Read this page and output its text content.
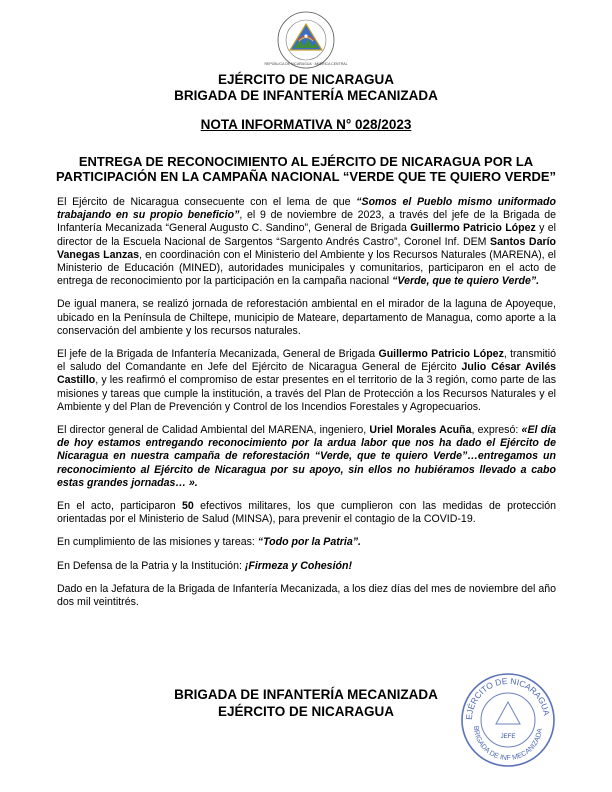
REPÚBLICA DE NICARAGUA · AMÉRICA CENTRAL
EJÉRCITO DE NICARAGUA
BRIGADA DE INFANTERÍA MECANIZADA
NOTA INFORMATIVA N° 028/2023
ENTREGA DE RECONOCIMIENTO AL EJÉRCITO DE NICARAGUA POR LA
PARTICIPACIÓN EN LA CAMPAÑA NACIONAL “VERDE QUE TE QUIERO VERDE”

El Ejército de Nicaragua consecuente con el lema de que “Somos el Pueblo mismo uniformado trabajando en su propio beneficio”, el 9 de noviembre de 2023, a través del jefe de la Brigada de Infantería Mecanizada “General Augusto C. Sandino”, General de Brigada Guillermo Patricio López y el director de la Escuela Nacional de Sargentos “Sargento Andrés Castro”, Coronel Inf. DEM Santos Darío Vanegas Lanzas, en coordinación con el Ministerio del Ambiente y los Recursos Naturales (MARENA), el Ministerio de Educación (MINED), autoridades municipales y comunitarios, participaron en el acto de entrega de reconocimiento por la participación en la campaña nacional “Verde, que te quiero Verde”.

De igual manera, se realizó jornada de reforestación ambiental en el mirador de la laguna de Apoyeque, ubicado en la Península de Chiltepe, municipio de Mateare, departamento de Managua, como aporte a la conservación del ambiente y los recursos naturales.

El jefe de la Brigada de Infantería Mecanizada, General de Brigada Guillermo Patricio López, transmitió el saludo del Comandante en Jefe del Ejército de Nicaragua General de Ejército Julio César Avilés Castillo, y les reafirmó el compromiso de estar presentes en el territorio de la 3 región, como parte de las misiones y tareas que cumple la institución, a través del Plan de Protección a los Recursos Naturales y el Ambiente y del Plan de Prevención y Control de los Incendios Forestales y Agropecuarios.

El director general de Calidad Ambiental del MARENA, ingeniero, Uriel Morales Acuña, expresó: «El día de hoy estamos entregando reconocimiento por la ardua labor que nos ha dado el Ejército de Nicaragua en nuestra campaña de reforestación “Verde, que te quiero Verde”…entregamos un reconocimiento al Ejército de Nicaragua por su apoyo, sin ellos no hubiéramos llevado a cabo estas grandes jornadas… ».

En el acto, participaron 50 efectivos militares, los que cumplieron con las medidas de protección orientadas por el Ministerio de Salud (MINSA), para prevenir el contagio de la COVID-19.

En cumplimiento de las misiones y tareas: “Todo por la Patria”.

En Defensa de la Patria y la Institución: ¡Firmeza y Cohesión!

Dado en la Jefatura de la Brigada de Infantería Mecanizada, a los diez días del mes de noviembre del año dos mil veintitrés.

BRIGADA DE INFANTERÍA MECANIZADA
EJÉRCITO DE NICARAGUA	EJÉRCITO DE NICARAGUA
BRIGADA DE INF MECANIZADA
JEFE
